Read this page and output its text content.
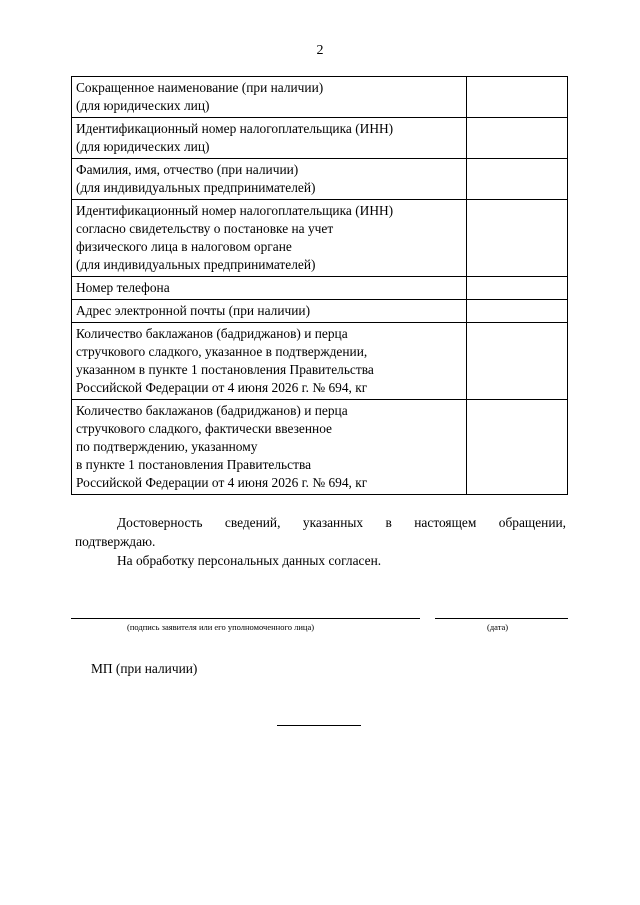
2
Сокращенное наименование (при наличии)
(для юридических лиц)	

Идентификационный номер налогоплательщика (ИНН)
(для юридических лиц)	

Фамилия, имя, отчество (при наличии)
(для индивидуальных предпринимателей)	

Идентификационный номер налогоплательщика (ИНН)
согласно свидетельству о постановке на учет
физического лица в налоговом органе
(для индивидуальных предпринимателей)	

Номер телефона	

Адрес электронной почты (при наличии)	

Количество баклажанов (бадриджанов) и перца
стручкового сладкого, указанное в подтверждении,
указанном в пункте 1 постановления Правительства
Российской Федерации от 4 июня 2026 г. № 694, кг	

Количество баклажанов (бадриджанов) и перца
стручкового сладкого, фактически ввезенное
по подтверждению, указанному
в пункте 1 постановления Правительства
Российской Федерации от 4 июня 2026 г. № 694, кг	

Достоверность сведений, указанных в настоящем обращении,

подтверждаю.

На обработку персональных данных согласен.

(подпись заявителя или его уполномоченного лица)	(дата)
МП (при наличии)
